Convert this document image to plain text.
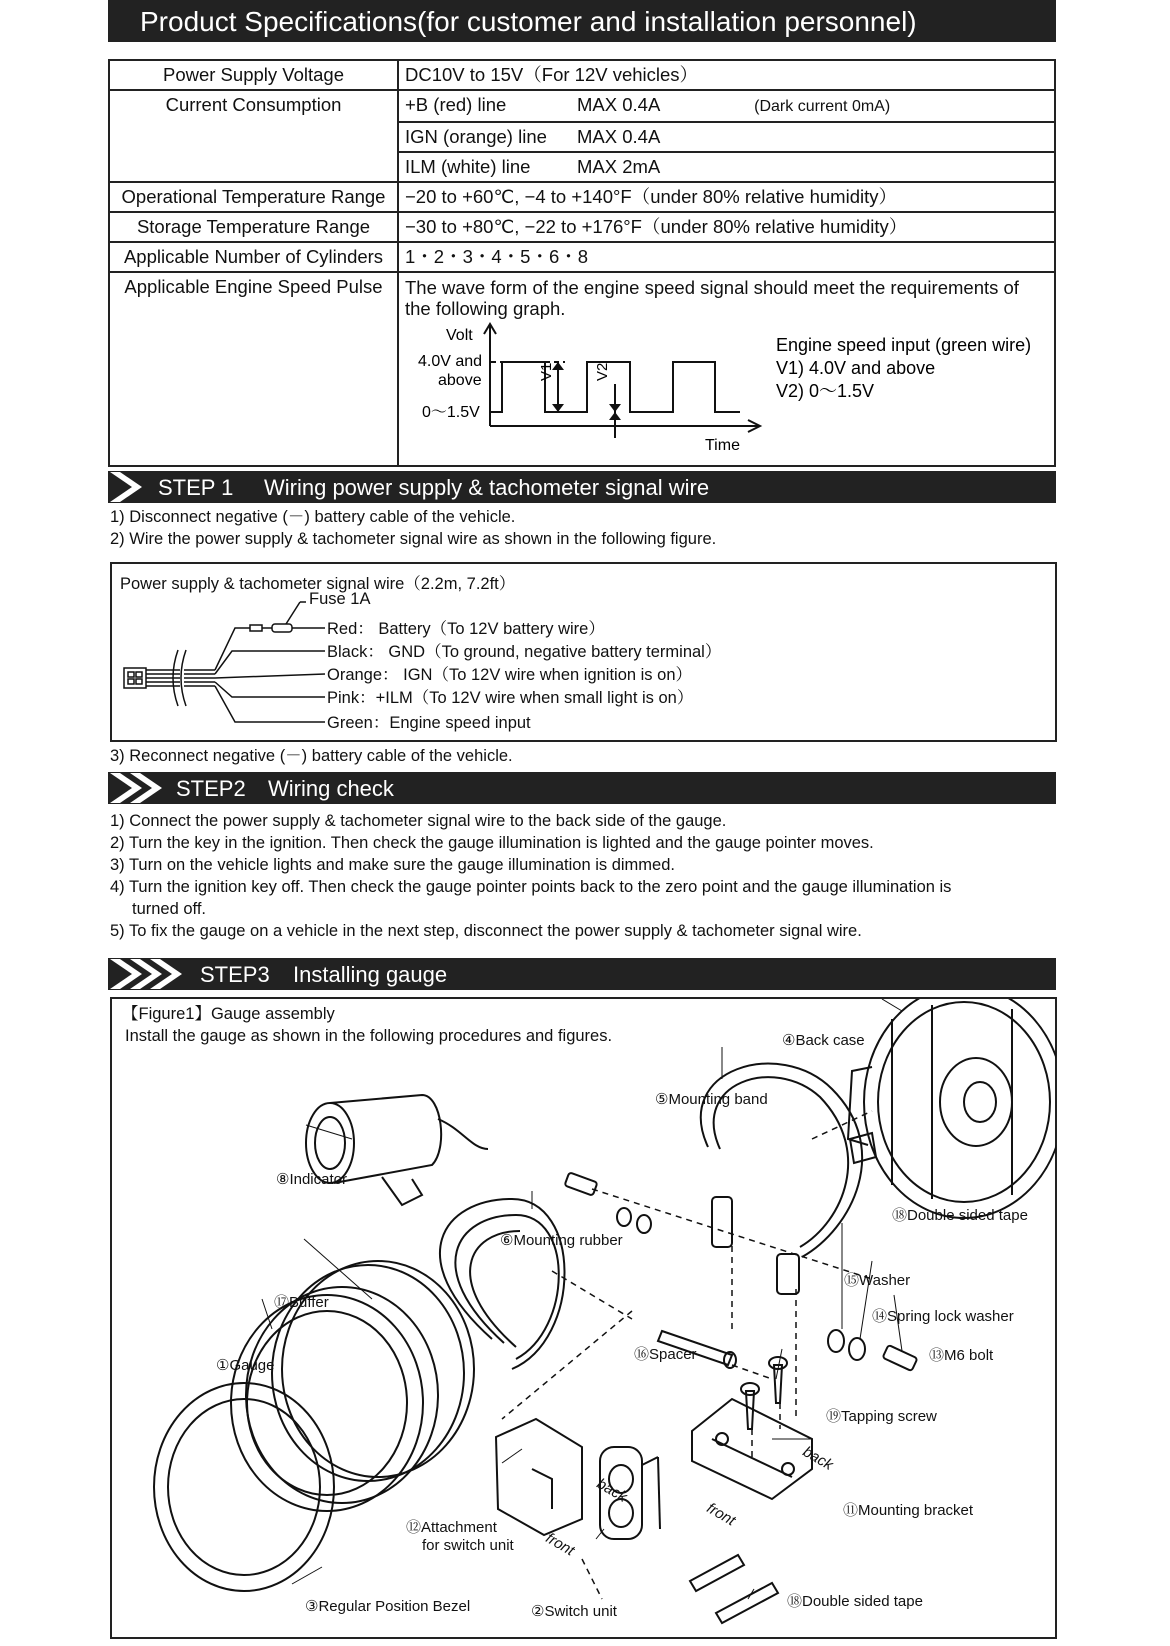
Product Specifications(for customer and installation personnel)
Power Supply Voltage	DC10V to 15V（For 12V vehicles）
Current Consumption	+B (red) line MAX 0.4A (Dark current 0mA)

	IGN (orange) line MAX 0.4A

	ILM (white) line MAX 2mA

Operational Temperature Range	−20 to +60℃, −4 to +140°F（under 80% relative humidity）
Storage Temperature Range	−30 to +80℃, −22 to +176°F（under 80% relative humidity）
Applicable Number of Cylinders	1・2・3・4・5・6・8
Applicable Engine Speed Pulse	The wave form of the engine speed signal should meet the requirements of the following graph.
Volt
4.0V and
above
0〜1.5V
Time
V1	V2
Engine speed input (green wire)
V1) 4.0V and above
V2) 0〜1.5V
STEP 1 Wiring power supply & tachometer signal wire
1) Disconnect negative (－) battery cable of the vehicle.
2) Wire the power supply & tachometer signal wire as shown in the following figure.
Power supply & tachometer signal wire（2.2m, 7.2ft）
Fuse 1A
Red： Battery（To 12V battery wire）
Black： GND（To ground, negative battery terminal）
Orange： IGN（To 12V wire when ignition is on）
Pink：+ILM（To 12V wire when small light is on）
Green：Engine speed input
3) Reconnect negative (－) battery cable of the vehicle.
STEP2 Wiring check
1) Connect the power supply & tachometer signal wire to the back side of the gauge.
2) Turn the key in the ignition. Then check the gauge illumination is lighted and the gauge pointer moves.
3) Turn on the vehicle lights and make sure the gauge illumination is dimmed.
4) Turn the ignition key off. Then check the gauge pointer points back to the zero point and the gauge illumination is
turned off.
5) To fix the gauge on a vehicle in the next step, disconnect the power supply & tachometer signal wire.
STEP3 Installing gauge
【Figure1】Gauge assembly
Install the gauge as shown in the following procedures and figures.	④Back case
⑤Mounting band
⑧Indicator
⑱Double sided tape
⑥Mounting rubber
⑮Washer
⑰Buffer
⑭Spring lock washer
⑯Spacer
①Gauge
⑬M6 bolt
⑲Tapping screw
⑫Attachment
for switch unit
⑪Mounting bracket
③Regular Position Bezel	②Switch unit
⑱Double sided tape
back
front
back
front
